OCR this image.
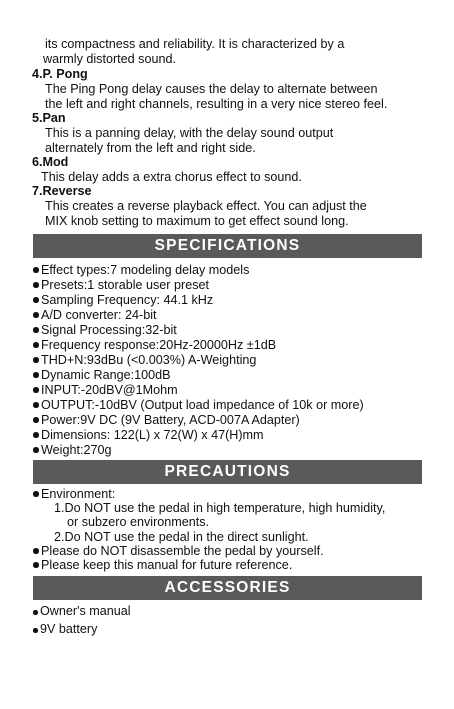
its compactness and reliability. It is characterized by a
warmly distorted sound.
4.P. Pong
The Ping Pong delay causes the delay to alternate between
the left and right channels, resulting in a very nice stereo feel.
5.Pan
This is a panning delay, with the delay sound output
alternately from the left and right side.
6.Mod
This delay adds a extra chorus effect to sound.
7.Reverse
This creates a reverse playback effect. You can adjust the
MIX knob setting to maximum to get effect sound long.
SPECIFICATIONS
Effect types:7 modeling delay models
Presets:1 storable user preset
Sampling Frequency: 44.1 kHz
A/D converter: 24-bit
Signal Processing:32-bit
Frequency response:20Hz-20000Hz ±1dB
THD+N:93dBu (<0.003%) A-Weighting
Dynamic Range:100dB
INPUT:-20dBV@1Mohm
OUTPUT:-10dBV (Output load impedance of 10k or more)
Power:9V DC (9V Battery, ACD-007A Adapter)
Dimensions: 122(L) x 72(W) x 47(H)mm
Weight:270g
PRECAUTIONS
Environment:
1.Do NOT use the pedal in high temperature, high humidity,
or subzero environments.
2.Do NOT use the pedal in the direct sunlight.
Please do NOT disassemble the pedal by yourself.
Please keep this manual for future reference.
ACCESSORIES
Owner's manual
9V battery
